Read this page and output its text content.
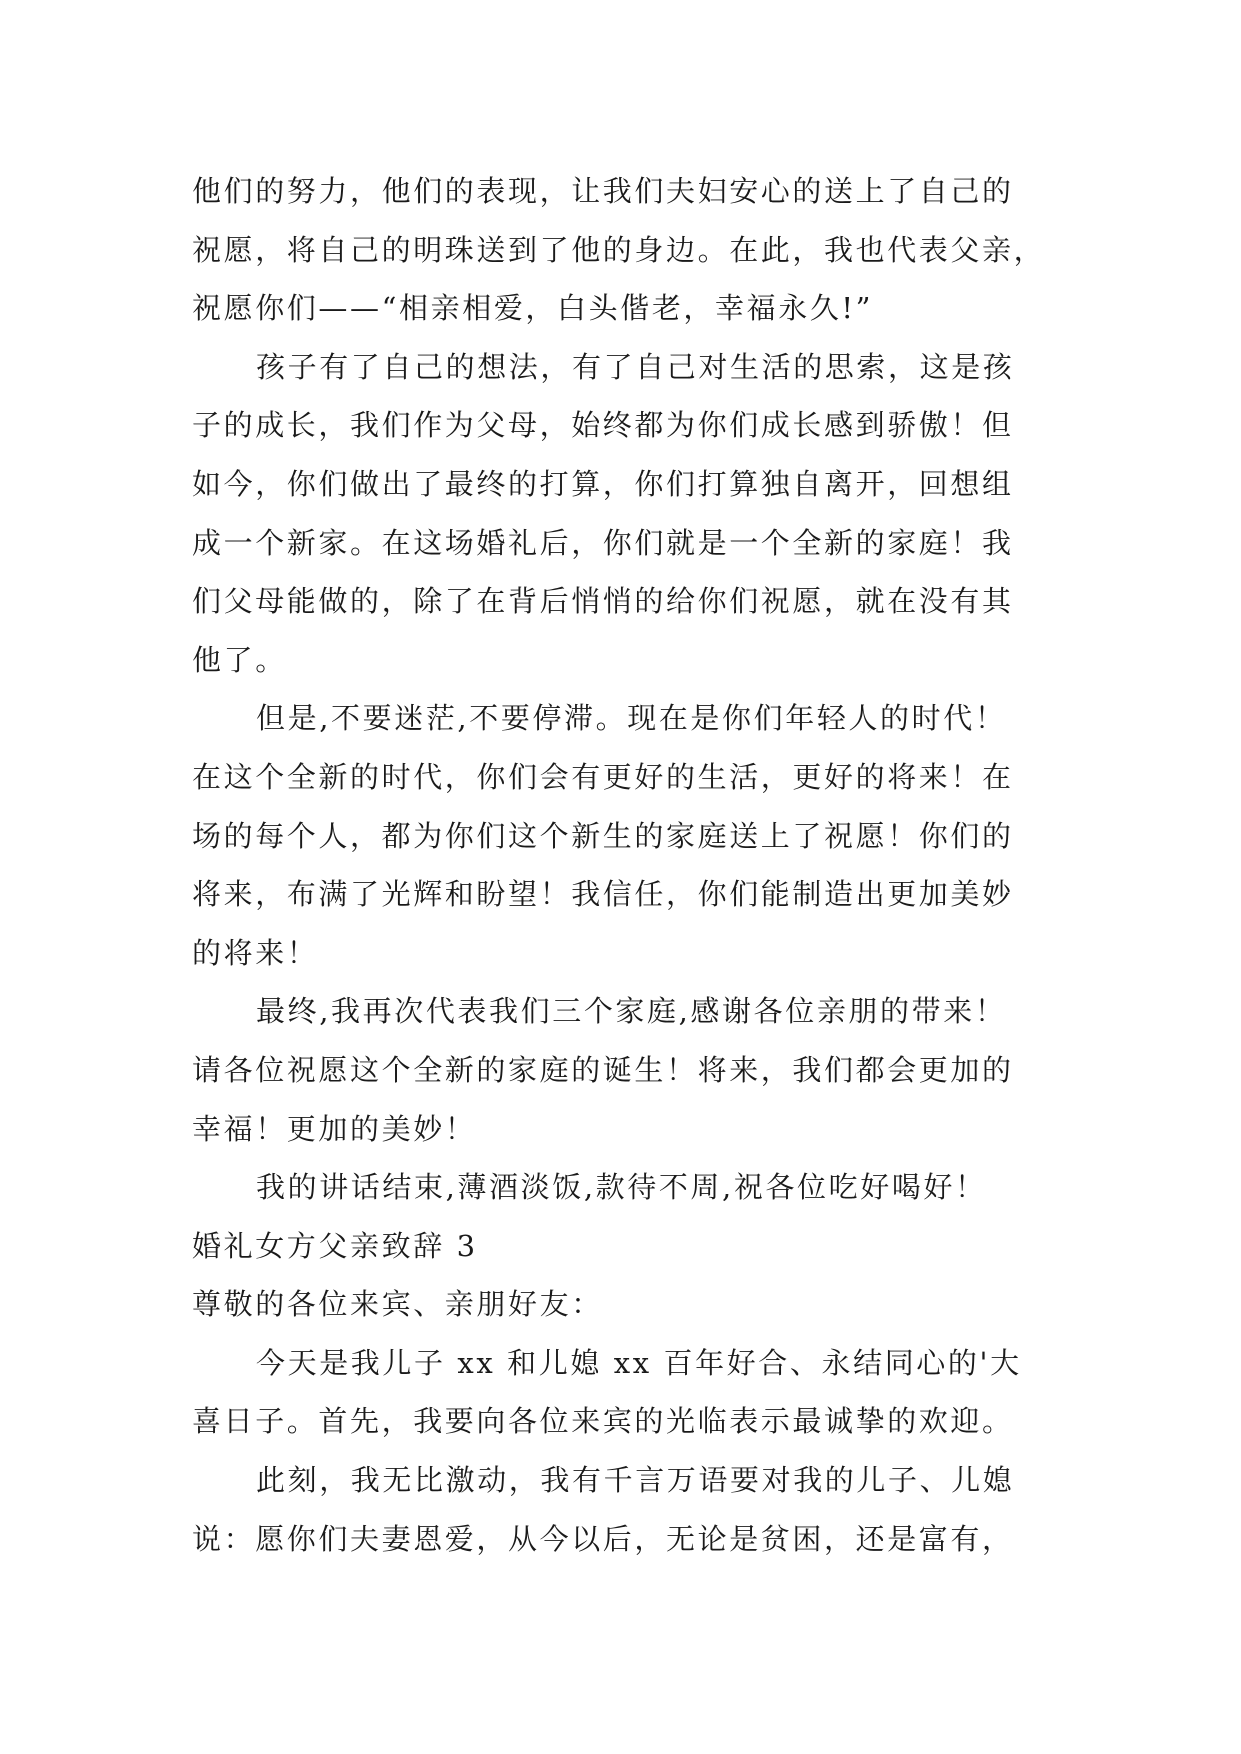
他们的努力，他们的表现，让我们夫妇安心的送上了自己的
祝愿，将自己的明珠送到了他的身边。在此，我也代表父亲，
祝愿你们——“相亲相爱，白头偕老，幸福永久!”
孩子有了自己的想法，有了自己对生活的思索，这是孩
子的成长，我们作为父母，始终都为你们成长感到骄傲！但
如今，你们做出了最终的打算，你们打算独自离开，回想组
成一个新家。在这场婚礼后，你们就是一个全新的家庭！我
们父母能做的，除了在背后悄悄的给你们祝愿，就在没有其
他了。
但是,不要迷茫,不要停滞。现在是你们年轻人的时代！
在这个全新的时代，你们会有更好的生活，更好的将来！在
场的每个人，都为你们这个新生的家庭送上了祝愿！你们的
将来，布满了光辉和盼望！我信任，你们能制造出更加美妙
的将来！
最终,我再次代表我们三个家庭,感谢各位亲朋的带来！
请各位祝愿这个全新的家庭的诞生！将来，我们都会更加的
幸福！更加的美妙！
我的讲话结束,薄酒淡饭,款待不周,祝各位吃好喝好！
婚礼女方父亲致辞 3
尊敬的各位来宾、亲朋好友：
今天是我儿子 xx 和儿媳 xx 百年好合、永结同心的'大
喜日子。首先，我要向各位来宾的光临表示最诚挚的欢迎。
此刻，我无比激动，我有千言万语要对我的儿子、儿媳
说：愿你们夫妻恩爱，从今以后，无论是贫困，还是富有，
